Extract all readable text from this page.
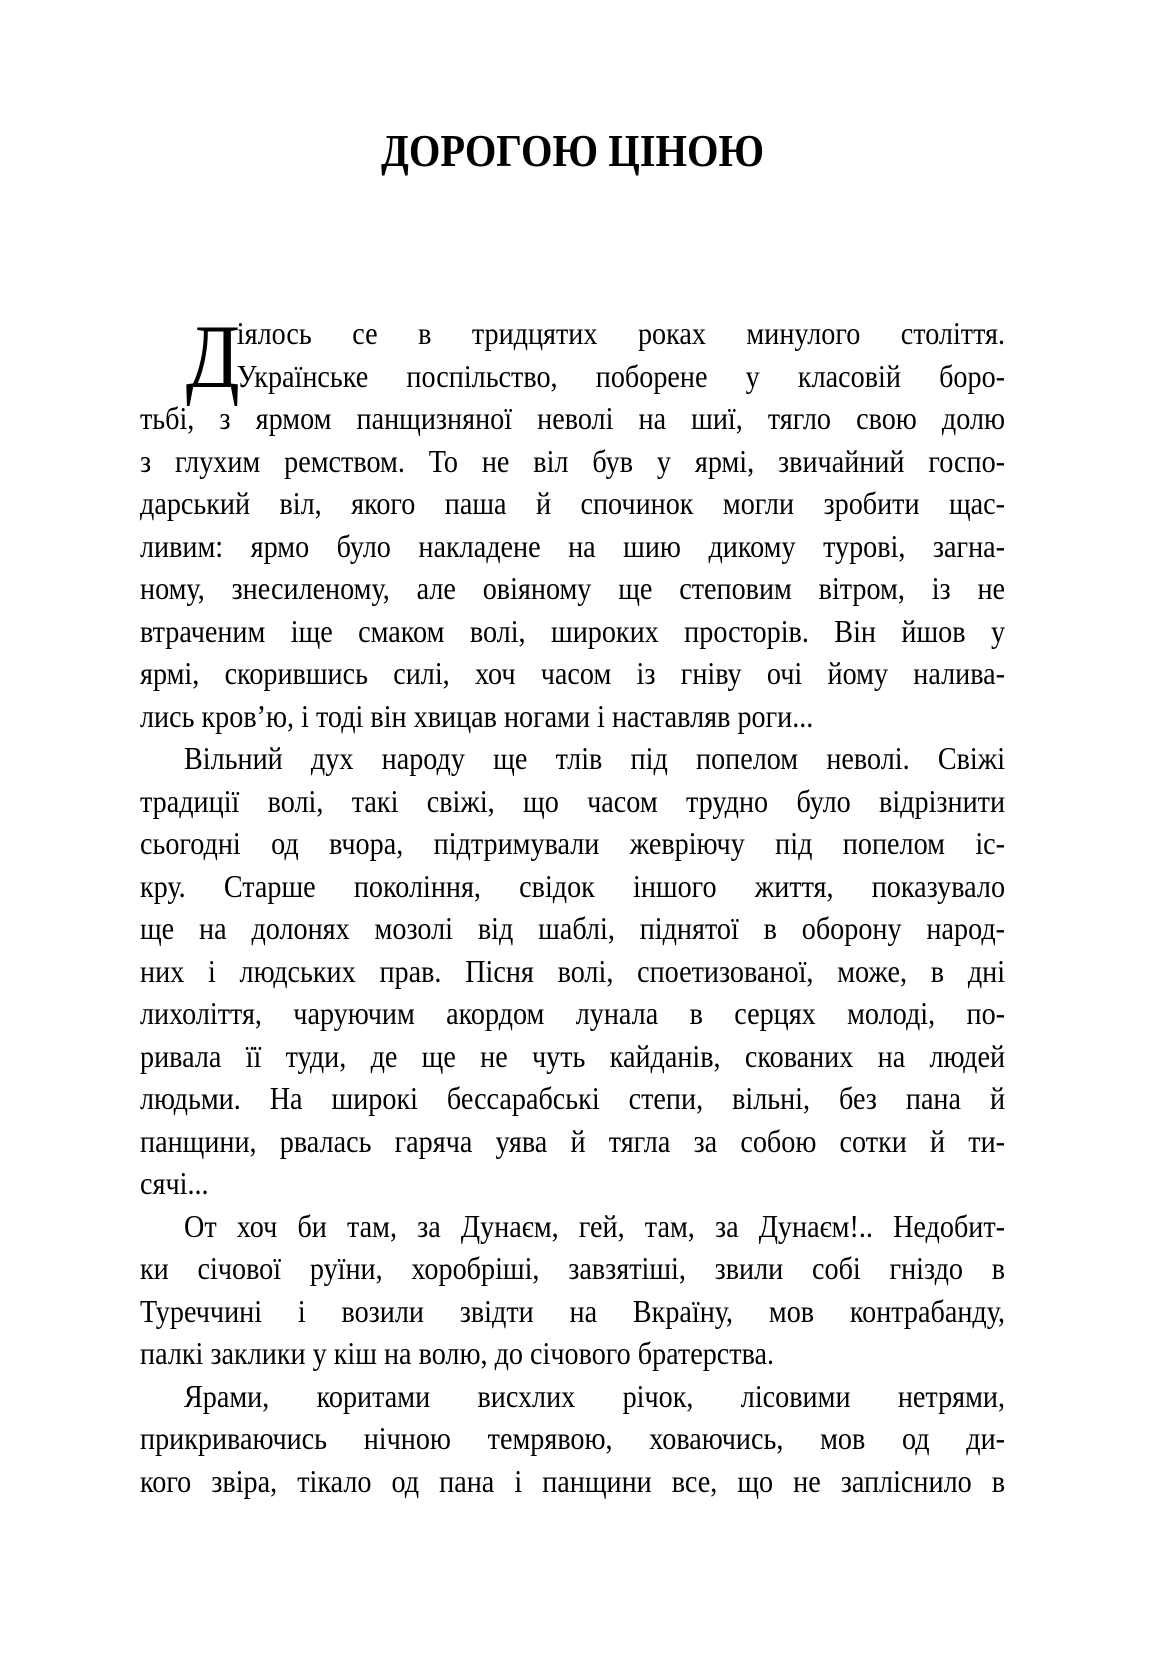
ДОРОГОЮ ЦІНОЮ
Д
іялось се в тридцятих роках минулого століття.
Українське поспільство, поборене у класовій боро-
тьбі, з ярмом панщизняної неволі на шиї, тягло свою долю
з глухим ремством. То не віл був у ярмі, звичайний госпо-
дарський віл, якого паша й спочинок могли зробити щас-
ливим: ярмо було накладене на шию дикому турові, загна-
ному, знесиленому, але овіяному ще степовим вітром, із не
втраченим іще смаком волі, широких просторів. Він йшов у
ярмі, скорившись силі, хоч часом із гніву очі йому налива-
лись кров’ю, і тоді він хвицав ногами і наставляв роги...
Вільний дух народу ще тлів під попелом неволі. Свіжі
традиції волі, такі свіжі, що часом трудно було відрізнити
сьогодні од вчора, підтримували жевріючу під попелом іс-
кру. Старше покоління, свідок іншого життя, показувало
ще на долонях мозолі від шаблі, піднятої в оборону народ-
них і людських прав. Пісня волі, споетизованої, може, в дні
лихоліття, чаруючим акордом лунала в серцях молоді, по-
ривала її туди, де ще не чуть кайданів, скованих на людей
людьми. На широкі бессарабські степи, вільні, без пана й
панщини, рвалась гаряча уява й тягла за собою сотки й ти-
сячі...
От хоч би там, за Дунаєм, гей, там, за Дунаєм!.. Недобит-
ки січової руїни, хоробріші, завзятіші, звили собі гніздо в
Туреччині і возили звідти на Вкраїну, мов контрабанду,
палкі заклики у кіш на волю, до січового братерства.
Ярами, коритами висхлих річок, лісовими нетрями,
прикриваючись нічною темрявою, ховаючись, мов од ди-
кого звіра, тікало од пана і панщини все, що не запліснило в
